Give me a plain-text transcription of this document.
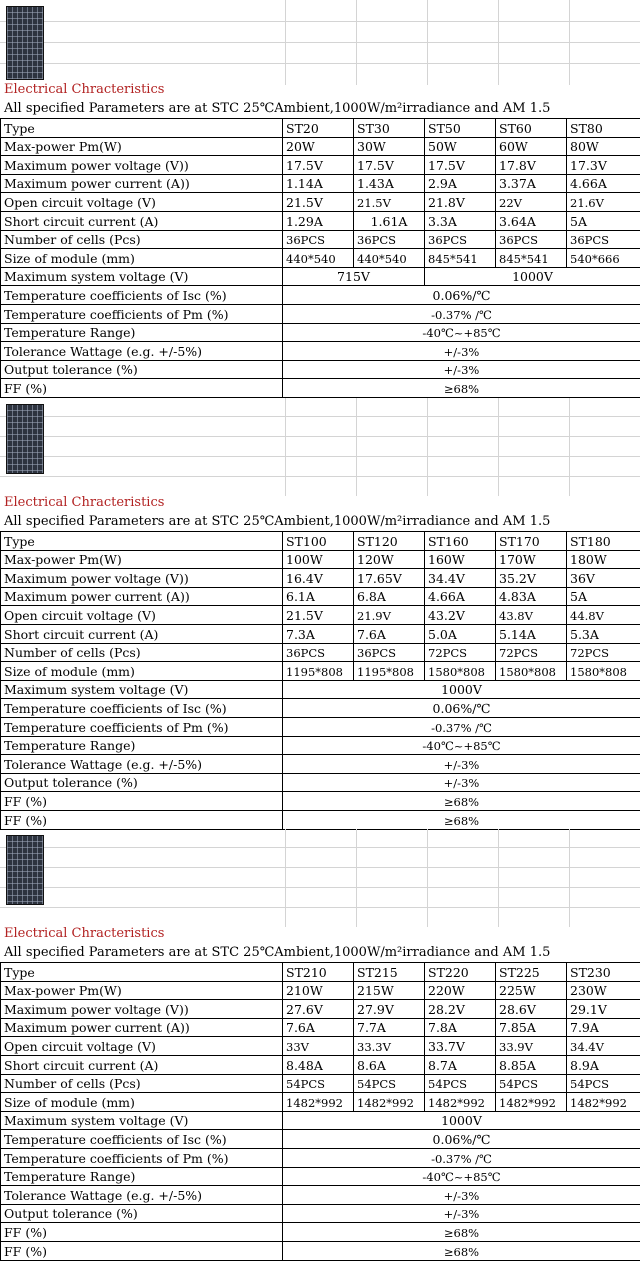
Electrical Chracteristics
All specified Parameters are at STC 25℃Ambient,1000W/m²irradiance and AM 1.5
Type	ST20	ST30	ST50	ST60	ST80
Max-power Pm(W)	20W	30W	50W	60W	80W
Maximum power voltage (V))	17.5V	17.5V	17.5V	17.8V	17.3V
Maximum power current (A))	1.14A	1.43A	2.9A	3.37A	4.66A
Open circuit voltage (V)	21.5V	21.5V	21.8V	22V	21.6V
Short circuit current (A)	1.29A	1.61A	3.3A	3.64A	5A
Number of cells (Pcs)	36PCS	36PCS	36PCS	36PCS	36PCS
Size of module (mm)	440*540	440*540	845*541	845*541	540*666
Maximum system voltage (V)	715V		1000V		
Temperature coefficients of Isc (%)	0.06%/℃				
Temperature coefficients of Pm (%)	-0.37% /℃				
Temperature Range)	-40℃~+85℃				
Tolerance Wattage (e.g. +/-5%)	+/-3%				
Output tolerance (%)	+/-3%				
FF (%)	≥68%				
Electrical Chracteristics
All specified Parameters are at STC 25℃Ambient,1000W/m²irradiance and AM 1.5
Type	ST100	ST120	ST160	ST170	ST180
Max-power Pm(W)	100W	120W	160W	170W	180W
Maximum power voltage (V))	16.4V	17.65V	34.4V	35.2V	36V
Maximum power current (A))	6.1A	6.8A	4.66A	4.83A	5A
Open circuit voltage (V)	21.5V	21.9V	43.2V	43.8V	44.8V
Short circuit current (A)	7.3A	7.6A	5.0A	5.14A	5.3A
Number of cells (Pcs)	36PCS	36PCS	72PCS	72PCS	72PCS
Size of module (mm)	1195*808	1195*808	1580*808	1580*808	1580*808
Maximum system voltage (V)	1000V				
Temperature coefficients of Isc (%)	0.06%/℃				
Temperature coefficients of Pm (%)	-0.37% /℃				
Temperature Range)	-40℃~+85℃				
Tolerance Wattage (e.g. +/-5%)	+/-3%				
Output tolerance (%)	+/-3%				
FF (%)	≥68%				
FF (%)	≥68%				
Electrical Chracteristics
All specified Parameters are at STC 25℃Ambient,1000W/m²irradiance and AM 1.5
Type	ST210	ST215	ST220	ST225	ST230
Max-power Pm(W)	210W	215W	220W	225W	230W
Maximum power voltage (V))	27.6V	27.9V	28.2V	28.6V	29.1V
Maximum power current (A))	7.6A	7.7A	7.8A	7.85A	7.9A
Open circuit voltage (V)	33V	33.3V	33.7V	33.9V	34.4V
Short circuit current (A)	8.48A	8.6A	8.7A	8.85A	8.9A
Number of cells (Pcs)	54PCS	54PCS	54PCS	54PCS	54PCS
Size of module (mm)	1482*992	1482*992	1482*992	1482*992	1482*992
Maximum system voltage (V)	1000V				
Temperature coefficients of Isc (%)	0.06%/℃				
Temperature coefficients of Pm (%)	-0.37% /℃				
Temperature Range)	-40℃~+85℃				
Tolerance Wattage (e.g. +/-5%)	+/-3%				
Output tolerance (%)	+/-3%				
FF (%)	≥68%				
FF (%)	≥68%				
